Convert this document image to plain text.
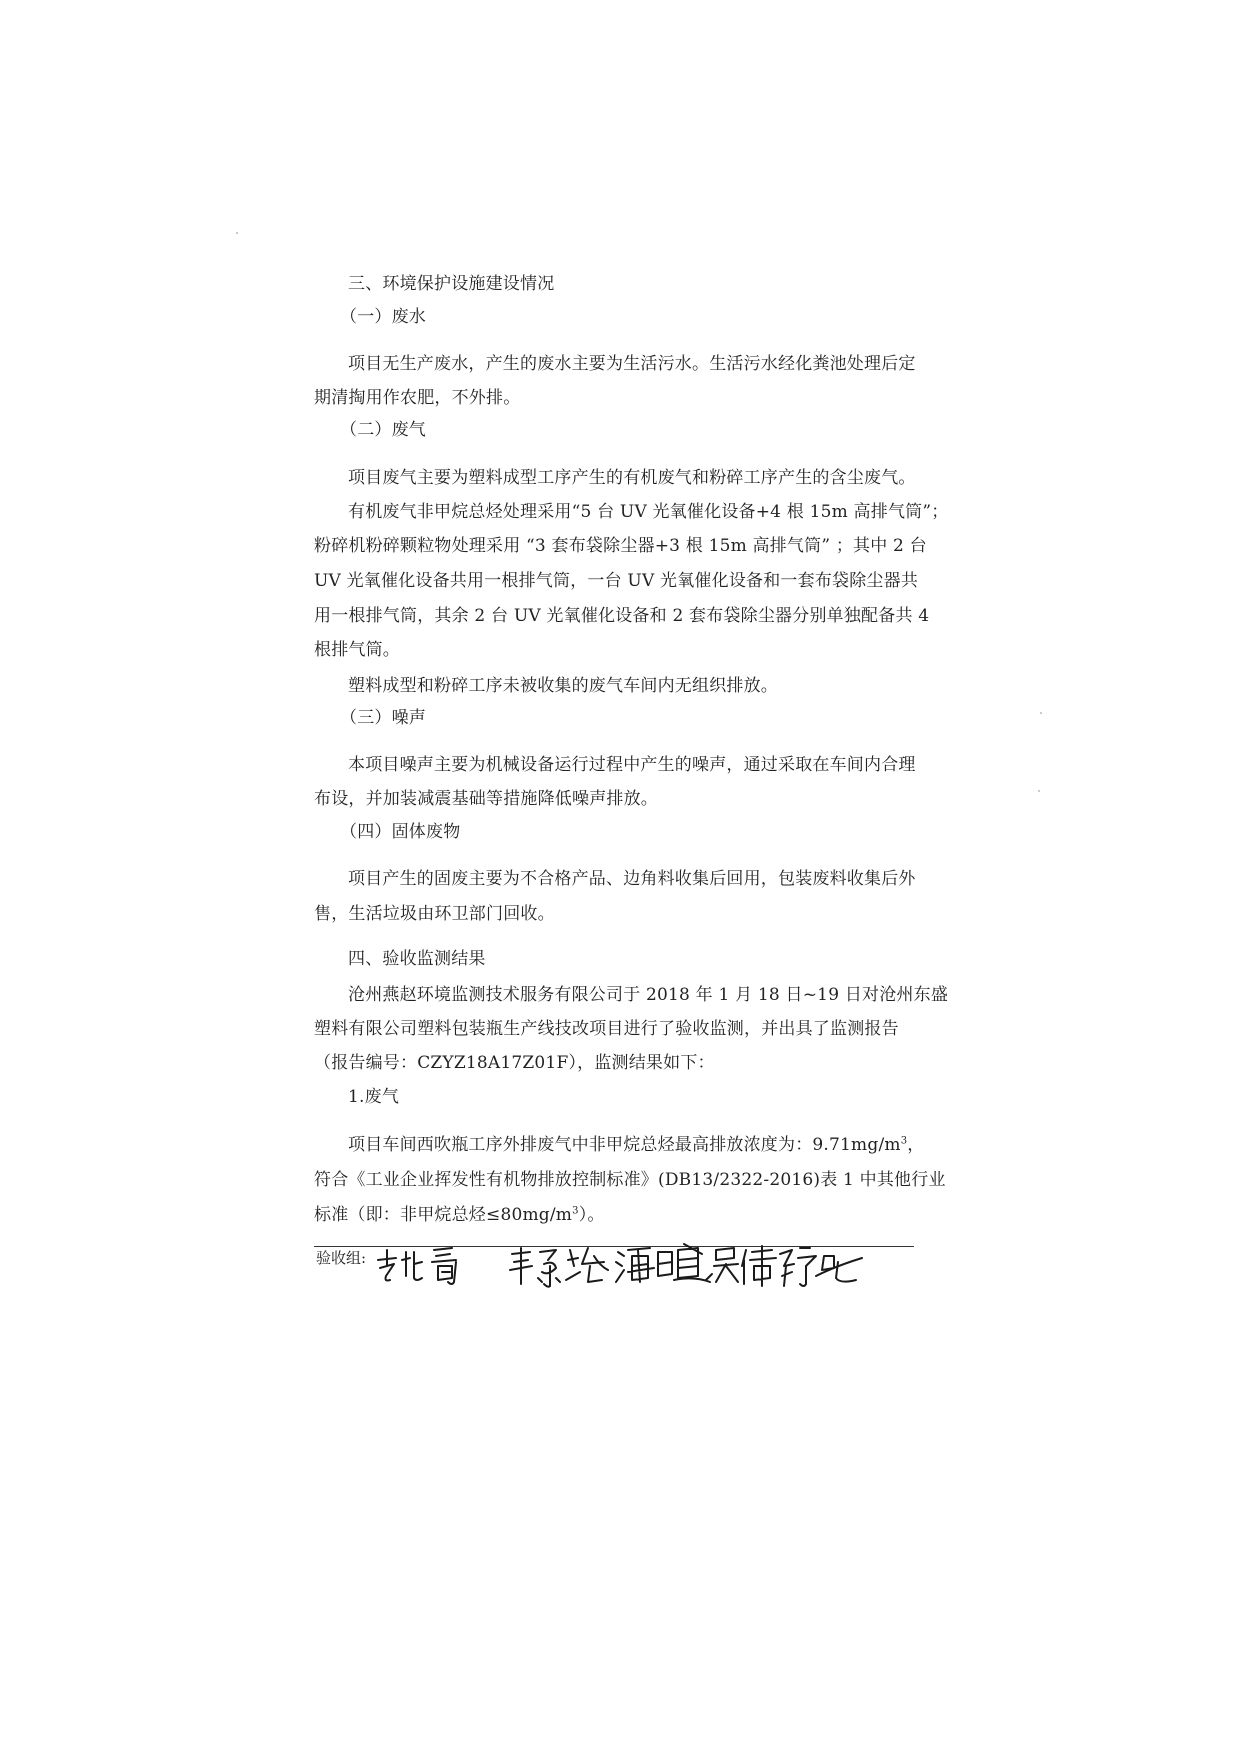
三、环境保护设施建设情况
（一）废水
项目无生产废水，产生的废水主要为生活污水。生活污水经化粪池处理后定
期清掏用作农肥，不外排。
（二）废气
项目废气主要为塑料成型工序产生的有机废气和粉碎工序产生的含尘废气。
有机废气非甲烷总烃处理采用“5 台 UV 光氧催化设备+4 根 15m 高排气筒”；
粉碎机粉碎颗粒物处理采用 “3 套布袋除尘器+3 根 15m 高排气筒” ；其中 2 台
UV 光氧催化设备共用一根排气筒，一台 UV 光氧催化设备和一套布袋除尘器共
用一根排气筒，其余 2 台 UV 光氧催化设备和 2 套布袋除尘器分别单独配备共 4
根排气筒。
塑料成型和粉碎工序未被收集的废气车间内无组织排放。
（三）噪声
本项目噪声主要为机械设备运行过程中产生的噪声，通过采取在车间内合理
布设，并加装减震基础等措施降低噪声排放。
（四）固体废物
项目产生的固废主要为不合格产品、边角料收集后回用，包装废料收集后外
售，生活垃圾由环卫部门回收。
四、验收监测结果
沧州燕赵环境监测技术服务有限公司于 2018 年 1 月 18 日~19 日对沧州东盛
塑料有限公司塑料包装瓶生产线技改项目进行了验收监测，并出具了监测报告
（报告编号：CZYZ18A17Z01F），监测结果如下：
1.废气
项目车间西吹瓶工序外排废气中非甲烷总烃最高排放浓度为：$9.71mg/m^3$，
符合《工业企业挥发性有机物排放控制标准》(DB13/2322-2016)表 1 中其他行业
标准（即：非甲烷总烃$\le 80mg/m^3$）。
验收组:
